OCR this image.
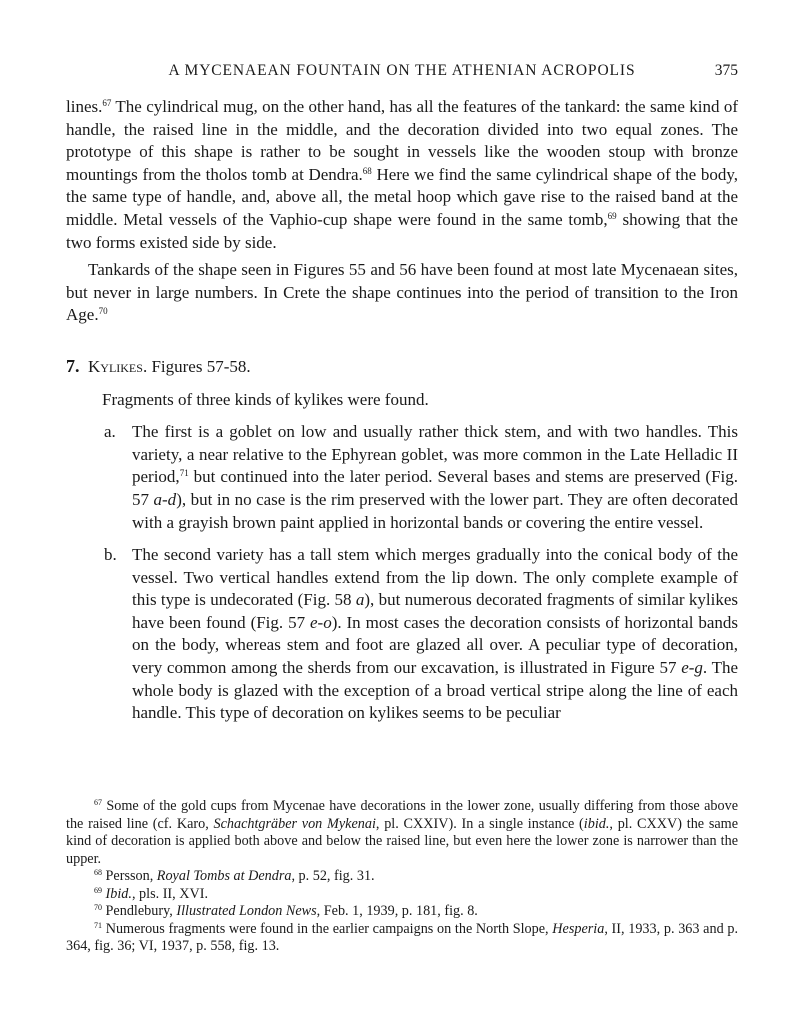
A MYCENAEAN FOUNTAIN ON THE ATHENIAN ACROPOLIS	375

lines.$^{67}$ The cylindrical mug, on the other hand, has all the features of the tankard: the same kind of handle, the raised line in the middle, and the decoration divided into two equal zones. The prototype of this shape is rather to be sought in vessels like the wooden stoup with bronze mountings from the tholos tomb at Dendra.$^{68}$ Here we find the same cylindrical shape of the body, the same type of handle, and, above all, the metal hoop which gave rise to the raised band at the middle. Metal vessels of the Vaphio-cup shape were found in the same tomb,$^{69}$ showing that the two forms existed side by side.

Tankards of the shape seen in Figures 55 and 56 have been found at most late Mycenaean sites, but never in large numbers. In Crete the shape continues into the period of transition to the Iron Age.$^{70}$

7. Kylikes. Figures 57-58.

Fragments of three kinds of kylikes were found.

a. The first is a goblet on low and usually rather thick stem, and with two handles. This variety, a near relative to the Ephyrean goblet, was more common in the Late Helladic II period,$^{71}$ but continued into the later period. Several bases and stems are preserved (Fig. 57 a-d), but in no case is the rim preserved with the lower part. They are often decorated with a grayish brown paint applied in horizontal bands or covering the entire vessel.

b. The second variety has a tall stem which merges gradually into the conical body of the vessel. Two vertical handles extend from the lip down. The only complete example of this type is undecorated (Fig. 58 a), but numerous decorated fragments of similar kylikes have been found (Fig. 57 e-o). In most cases the decoration consists of horizontal bands on the body, whereas stem and foot are glazed all over. A peculiar type of decoration, very common among the sherds from our excavation, is illustrated in Figure 57 e-g. The whole body is glazed with the exception of a broad vertical stripe along the line of each handle. This type of decoration on kylikes seems to be peculiar

$^{67}$ Some of the gold cups from Mycenae have decorations in the lower zone, usually differing from those above the raised line (cf. Karo, Schachtgräber von Mykenai, pl. CXXIV). In a single instance (ibid., pl. CXXV) the same kind of decoration is applied both above and below the raised line, but even here the lower zone is narrower than the upper.

$^{68}$ Persson, Royal Tombs at Dendra, p. 52, fig. 31.

$^{69}$ Ibid., pls. II, XVI.

$^{70}$ Pendlebury, Illustrated London News, Feb. 1, 1939, p. 181, fig. 8.

$^{71}$ Numerous fragments were found in the earlier campaigns on the North Slope, Hesperia, II, 1933, p. 363 and p. 364, fig. 36; VI, 1937, p. 558, fig. 13.
